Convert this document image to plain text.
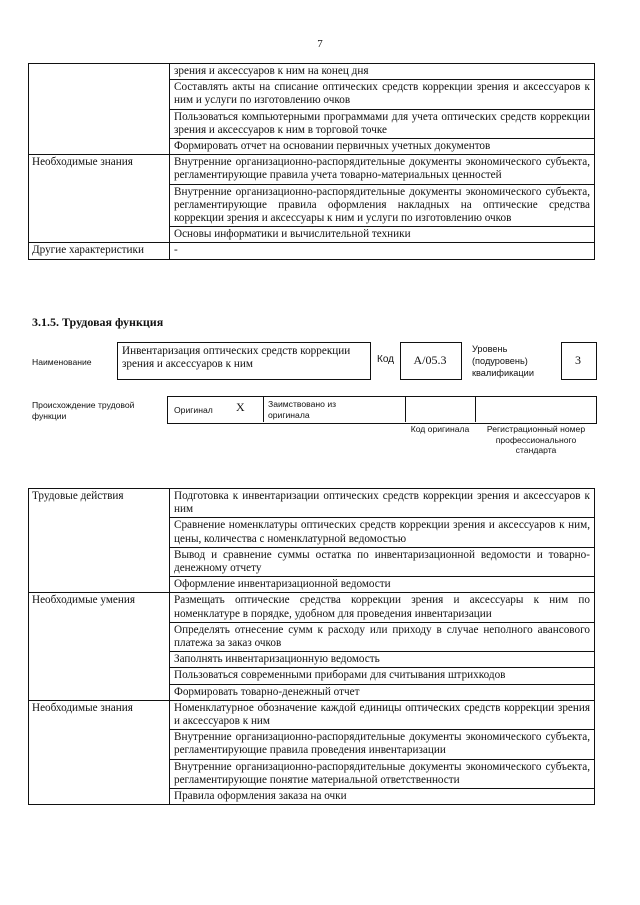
7
	зрения и аксессуаров к ним на конец дня
	Составлять акты на списание оптических средств коррекции зрения и аксессуаров к ним и услуги по изготовлению очков
	Пользоваться компьютерными программами для учета оптических средств коррекции зрения и аксессуаров к ним в торговой точке
	Формировать отчет на основании первичных учетных документов
Необходимые знания	Внутренние организационно-распорядительные документы экономического субъекта, регламентирующие правила учета товарно-материальных ценностей
	Внутренние организационно-распорядительные документы экономического субъекта, регламентирующие правила оформления накладных на оптические средства коррекции зрения и аксессуары к ним и услуги по изготовлению очков
	Основы информатики и вычислительной техники
Другие характеристики	-
3.1.5. Трудовая функция
Наименование
Инвентаризация оптических средств коррекции зрения и аксессуаров к ним	Код	A/05.3
Уровень (подуровень) квалификации
3
Происхождение трудовой функции
Оригинал X	Заимствовано из оригинала
Код оригинала	Регистрационный номер профессионального стандарта
Трудовые действия	Подготовка к инвентаризации оптических средств коррекции зрения и аксессуаров к ним
	Сравнение номенклатуры оптических средств коррекции зрения и аксессуаров к ним, цены, количества с номенклатурной ведомостью
	Вывод и сравнение суммы остатка по инвентаризационной ведомости и товарно-денежному отчету
	Оформление инвентаризационной ведомости
Необходимые умения	Размещать оптические средства коррекции зрения и аксессуары к ним по номенклатуре в порядке, удобном для проведения инвентаризации
	Определять отнесение сумм к расходу или приходу в случае неполного авансового платежа за заказ очков
	Заполнять инвентаризационную ведомость
	Пользоваться современными приборами для считывания штрихкодов
	Формировать товарно-денежный отчет
Необходимые знания	Номенклатурное обозначение каждой единицы оптических средств коррекции зрения и аксессуаров к ним
	Внутренние организационно-распорядительные документы экономического субъекта, регламентирующие правила проведения инвентаризации
	Внутренние организационно-распорядительные документы экономического субъекта, регламентирующие понятие материальной ответственности
	Правила оформления заказа на очки
